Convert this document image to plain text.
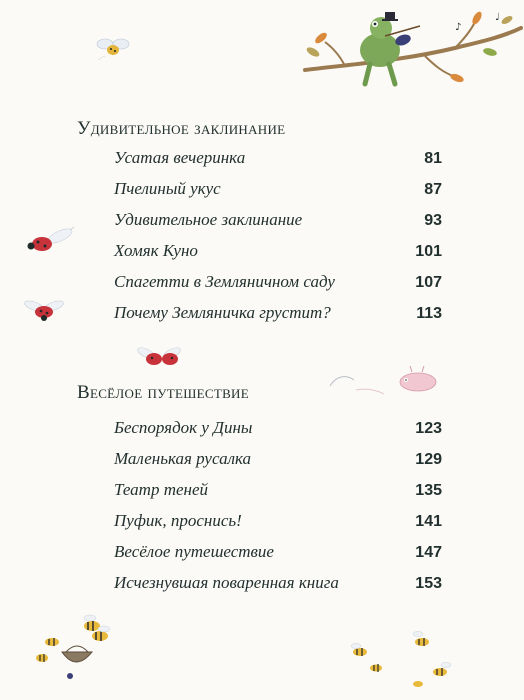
♪
♩
Удивительное заклинание
Усатая вечеринка	81
Пчелиный укус	87
Удивительное заклинание	93
Хомяк Куно	101
Спагетти в Земляничном саду	107
Почему Земляничка грустит?	113
Весёлое путешествие
Беспорядок у Дины	123
Маленькая русалка	129
Театр теней	135
Пуфик, проснись!	141
Весёлое путешествие	147
Исчезнувшая поваренная книга	153
